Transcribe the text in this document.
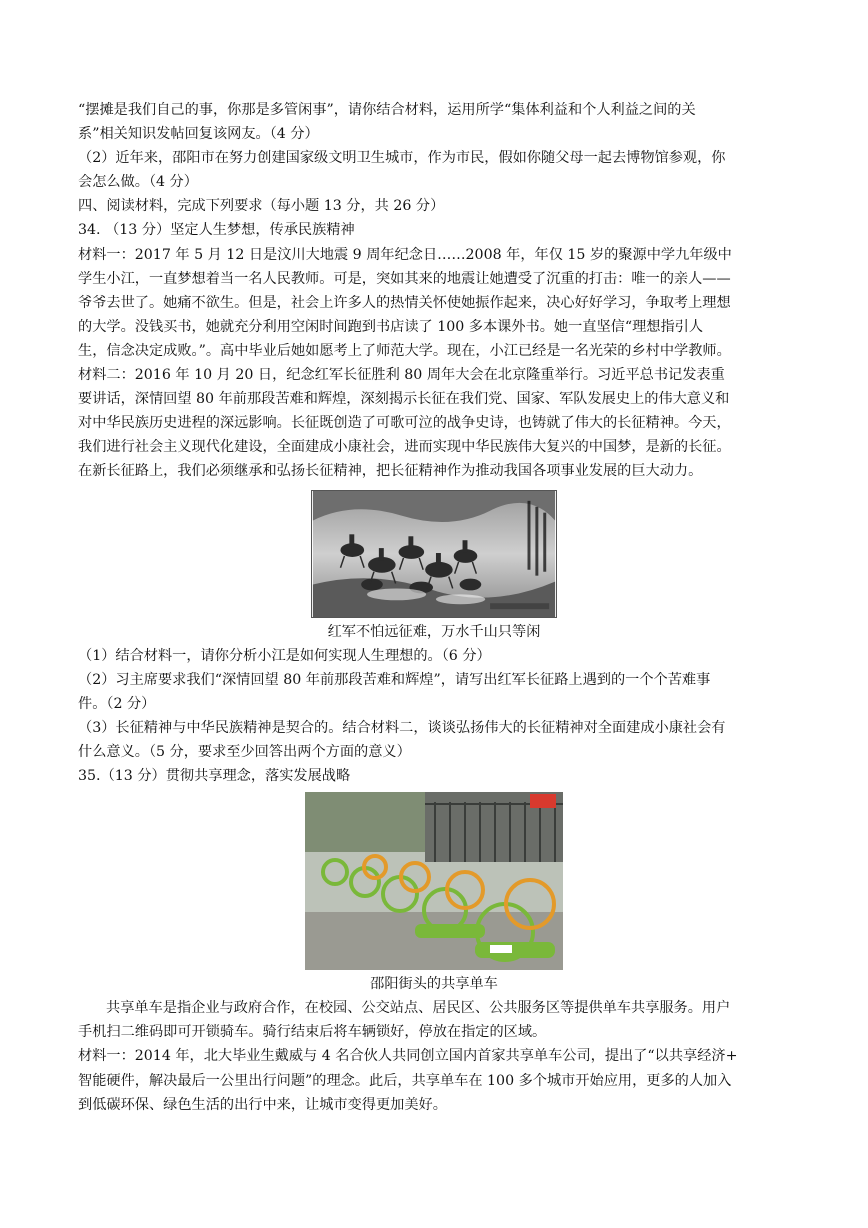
“摆摊是我们自己的事，你那是多管闲事”，请你结合材料，运用所学“集体利益和个人利益之间的关
系”相关知识发帖回复该网友。（4 分）
（2）近年来，邵阳市在努力创建国家级文明卫生城市，作为市民，假如你随父母一起去博物馆参观，你
会怎么做。（4 分）
四、阅读材料，完成下列要求（每小题 13 分，共 26 分）
34. （13 分）坚定人生梦想，传承民族精神
材料一：2017 年 5 月 12 日是汶川大地震 9 周年纪念日……2008 年，年仅 15 岁的聚源中学九年级中
学生小江，一直梦想着当一名人民教师。可是，突如其来的地震让她遭受了沉重的打击：唯一的亲人——
爷爷去世了。她痛不欲生。但是，社会上许多人的热情关怀使她振作起来，决心好好学习，争取考上理想
的大学。没钱买书，她就充分利用空闲时间跑到书店读了 100 多本课外书。她一直坚信“理想指引人
生，信念决定成败。”。高中毕业后她如愿考上了师范大学。现在，小江已经是一名光荣的乡村中学教师。
材料二：2016 年 10 月 20 日，纪念红军长征胜利 80 周年大会在北京隆重举行。习近平总书记发表重
要讲话，深情回望 80 年前那段苦难和辉煌，深刻揭示长征在我们党、国家、军队发展史上的伟大意义和
对中华民族历史进程的深远影响。长征既创造了可歌可泣的战争史诗，也铸就了伟大的长征精神。今天，
我们进行社会主义现代化建设，全面建成小康社会，进而实现中华民族伟大复兴的中国梦，是新的长征。
在新长征路上，我们必须继承和弘扬长征精神，把长征精神作为推动我国各项事业发展的巨大动力。
红军不怕远征难，万水千山只等闲
（1）结合材料一，请你分析小江是如何实现人生理想的。（6 分）
（2）习主席要求我们“深情回望 80 年前那段苦难和辉煌”，请写出红军长征路上遇到的一个个苦难事
件。（2 分）
（3）长征精神与中华民族精神是契合的。结合材料二，谈谈弘扬伟大的长征精神对全面建成小康社会有
什么意义。（5 分，要求至少回答出两个方面的意义）
35.（13 分）贯彻共享理念，落实发展战略
邵阳街头的共享单车
共享单车是指企业与政府合作，在校园、公交站点、居民区、公共服务区等提供单车共享服务。用户
手机扫二维码即可开锁骑车。骑行结束后将车辆锁好，停放在指定的区域。
材料一：2014 年，北大毕业生戴威与 4 名合伙人共同创立国内首家共享单车公司，提出了“以共享经济+
智能硬件，解决最后一公里出行问题”的理念。此后，共享单车在 100 多个城市开始应用，更多的人加入
到低碳环保、绿色生活的出行中来，让城市变得更加美好。
